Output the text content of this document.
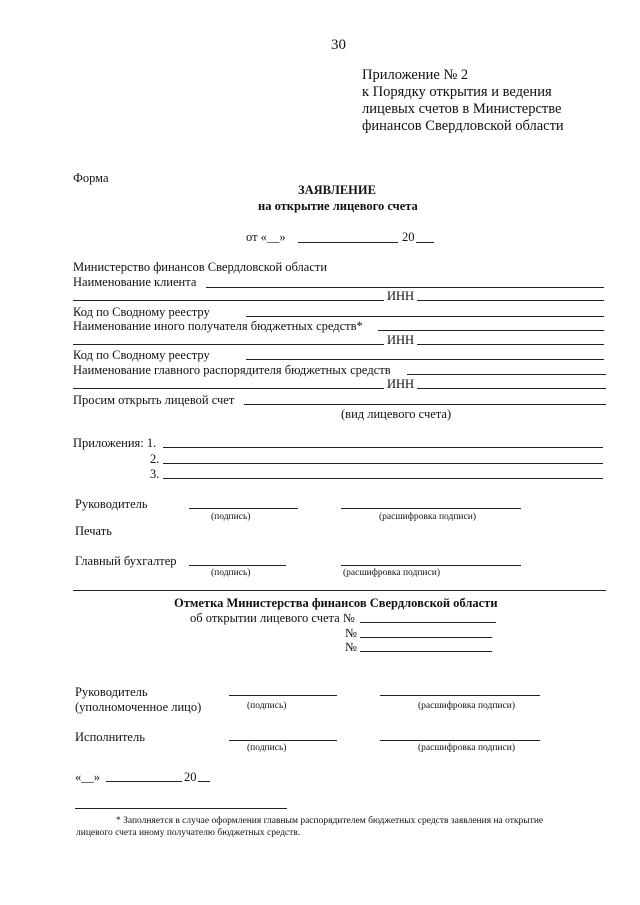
30
Приложение № 2
к Порядку открытия и ведения
лицевых счетов в Министерстве
финансов Свердловской области
Форма
ЗАЯВЛЕНИЕ
на открытие лицевого счета
от «__»	20
Министерство финансов Свердловской области
Наименование клиента
ИНН
Код по Сводному реестру
Наименование иного получателя бюджетных средств*
ИНН
Код по Сводному реестру
Наименование главного распорядителя бюджетных средств
ИНН
Просим открыть лицевой счет
(вид лицевого счета)
Приложения: 1.
2.
3.
Руководитель
(подпись)	(расшифровка подписи)
Печать
Главный бухгалтер
(подпись)	(расшифровка подписи)
Отметка Министерства финансов Свердловской области
об открытии лицевого счета №
№
№
Руководитель
(уполномоченное лицо)	(подпись)	(расшифровка подписи)
Исполнитель
(подпись)	(расшифровка подписи)
«__»	20
* Заполняется в случае оформления главным распорядителем бюджетных средств заявления на открытие
лицевого счета иному получателю бюджетных средств.
